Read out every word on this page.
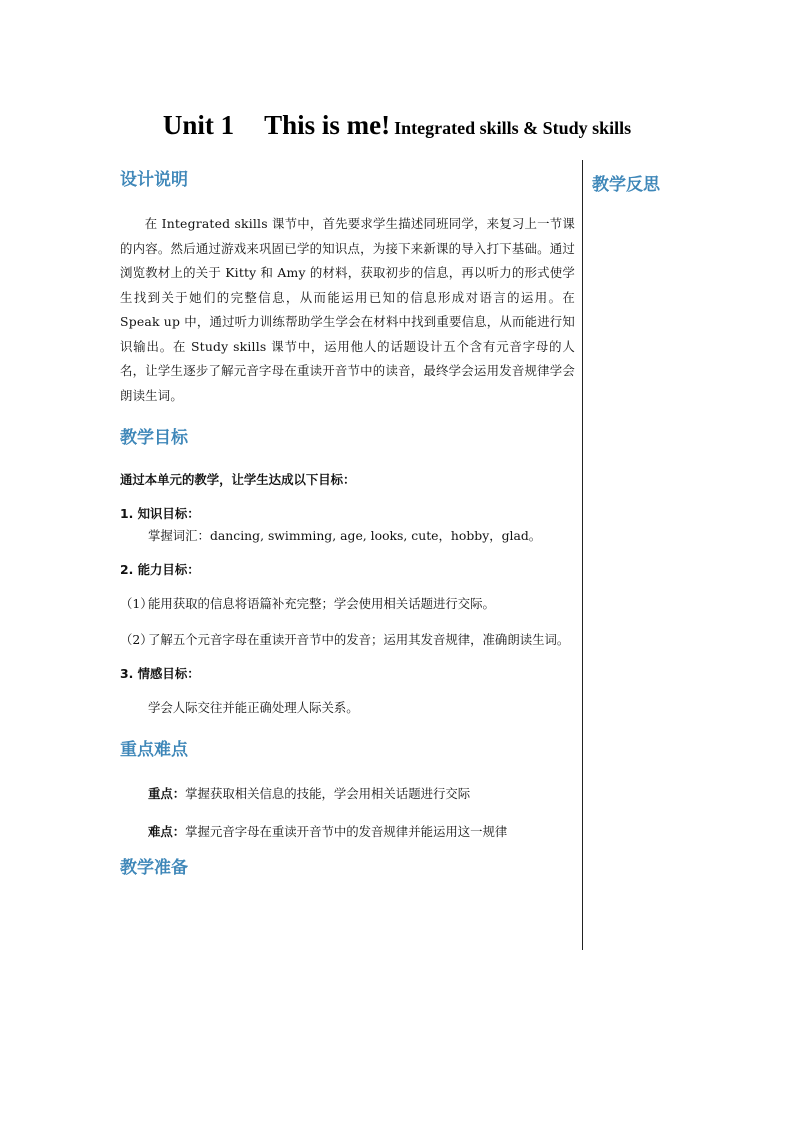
Unit 1 This is me! Integrated skills & Study skills
教学反思
设计说明
在 Integrated skills 课节中，首先要求学生描述同班同学，来复习上一节课的内容。然后通过游戏来巩固已学的知识点，为接下来新课的导入打下基础。通过浏览教材上的关于 Kitty 和 Amy 的材料，获取初步的信息，再以听力的形式使学生找到关于她们的完整信息，从而能运用已知的信息形成对语言的运用。在 Speak up 中，通过听力训练帮助学生学会在材料中找到重要信息，从而能进行知识输出。在 Study skills 课节中，运用他人的话题设计五个含有元音字母的人名，让学生逐步了解元音字母在重读开音节中的读音，最终学会运用发音规律学会朗读生词。
教学目标
通过本单元的教学，让学生达成以下目标：
1. 知识目标：
掌握词汇：dancing, swimming, age, looks, cute，hobby，glad。
2. 能力目标：
（1）能用获取的信息将语篇补充完整；学会使用相关话题进行交际。
（2）了解五个元音字母在重读开音节中的发音；运用其发音规律，准确朗读生词。
3. 情感目标：
学会人际交往并能正确处理人际关系。
重点难点
重点：掌握获取相关信息的技能，学会用相关话题进行交际
难点：掌握元音字母在重读开音节中的发音规律并能运用这一规律
教学准备
